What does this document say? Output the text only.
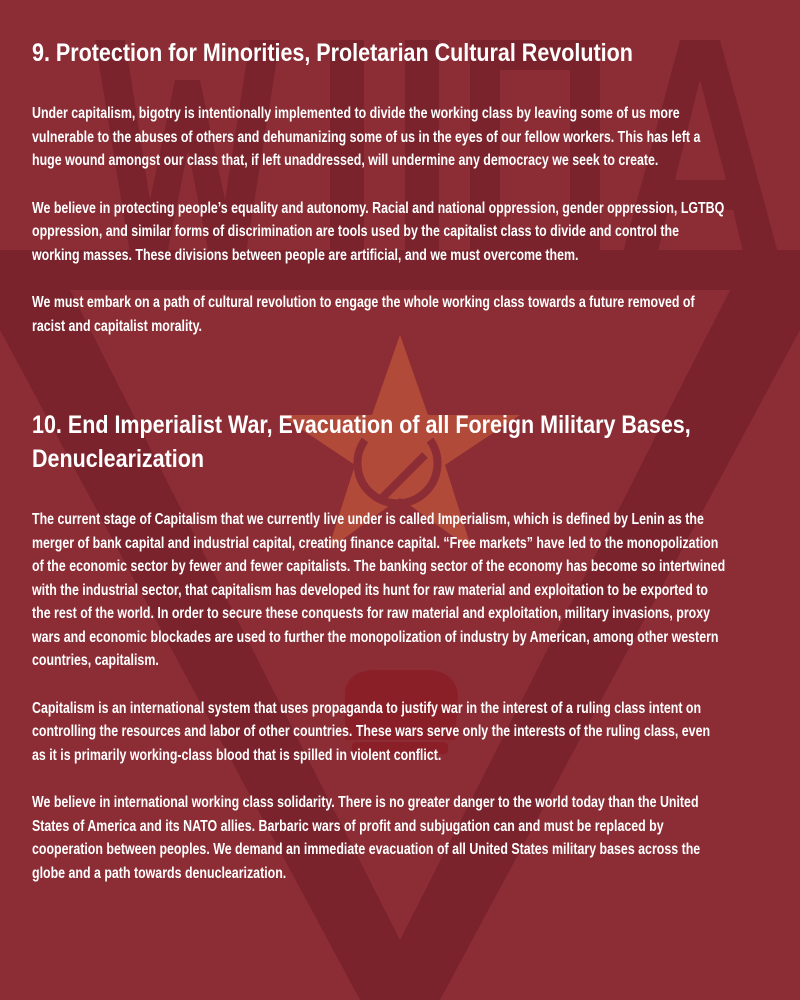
9. Protection for Minorities, Proletarian Cultural Revolution

Under capitalism, bigotry is intentionally implemented to divide the working class by leaving some of us more
vulnerable to the abuses of others and dehumanizing some of us in the eyes of our fellow workers. This has left a
huge wound amongst our class that, if left unaddressed, will undermine any democracy we seek to create.

We believe in protecting people’s equality and autonomy. Racial and national oppression, gender oppression, LGTBQ
oppression, and similar forms of discrimination are tools used by the capitalist class to divide and control the
working masses. These divisions between people are artificial, and we must overcome them.

We must embark on a path of cultural revolution to engage the whole working class towards a future removed of
racist and capitalist morality.

10. End Imperialist War, Evacuation of all Foreign Military Bases,
Denuclearization

The current stage of Capitalism that we currently live under is called Imperialism, which is defined by Lenin as the
merger of bank capital and industrial capital, creating finance capital. “Free markets” have led to the monopolization
of the economic sector by fewer and fewer capitalists. The banking sector of the economy has become so intertwined
with the industrial sector, that capitalism has developed its hunt for raw material and exploitation to be exported to
the rest of the world. In order to secure these conquests for raw material and exploitation, military invasions, proxy
wars and economic blockades are used to further the monopolization of industry by American, among other western
countries, capitalism.

Capitalism is an international system that uses propaganda to justify war in the interest of a ruling class intent on
controlling the resources and labor of other countries. These wars serve only the interests of the ruling class, even
as it is primarily working-class blood that is spilled in violent conflict.

We believe in international working class solidarity. There is no greater danger to the world today than the United
States of America and its NATO allies. Barbaric wars of profit and subjugation can and must be replaced by
cooperation between peoples. We demand an immediate evacuation of all United States military bases across the
globe and a path towards denuclearization.
